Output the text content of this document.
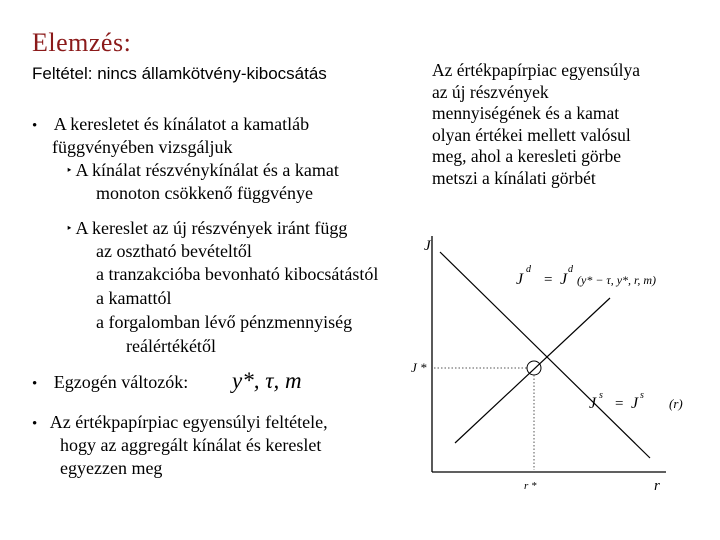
Elemzés:
Feltétel: nincs államkötvény-kibocsátás
• A keresletet és kínálatot a kamatláb
függvényében vizsgáljuk
‣ A kínálat részvénykínálat és a kamat
monoton csökkenő függvénye
‣ A kereslet az új részvények iránt függ
az osztható bevételtől
a tranzakcióba bevonható kibocsátástól
a kamattól
a forgalomban lévő pénzmennyiség
reálértékétől
• Egzogén változók: y*, τ, m
• Az értékpapírpiac egyensúlyi feltétele,
hogy az aggregált kínálat és kereslet
egyezzen meg
Az értékpapírpiac egyensúlya
az új részvények
mennyiségének és a kamat
olyan értékei mellett valósul
meg, ahol a keresleti görbe
metszi a kínálati görbét
J
r
J *
r *
J
d
= J
d
(y* − τ, y*, r, m)
J s
= J s
(r)
